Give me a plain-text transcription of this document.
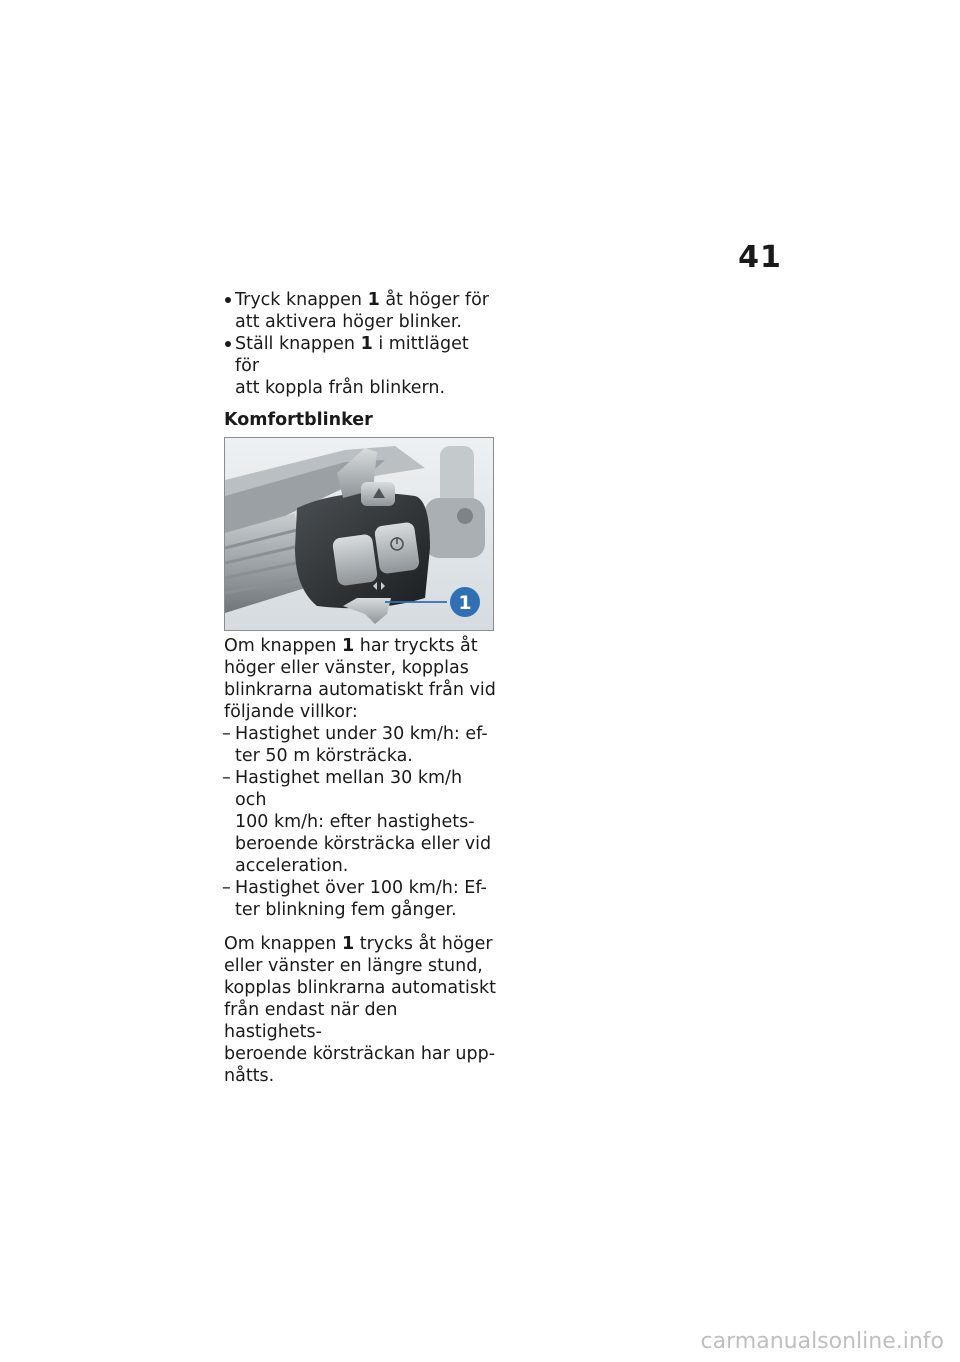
41
Tryck knappen 1 åt höger för
att aktivera höger blinker.
Ställ knappen 1 i mittläget för
att koppla från blinkern.
Komfortblinker
1
Om knappen 1 har tryckts åt
höger eller vänster, kopplas
blinkrarna automatiskt från vid
följande villkor:
– Hastighet under 30 km/h: ef-
ter 50 m körsträcka.
– Hastighet mellan 30 km/h och
100 km/h: efter hastighets-
beroende körsträcka eller vid
acceleration.
– Hastighet över 100 km/h: Ef-
ter blinkning fem gånger.
Om knappen 1 trycks åt höger
eller vänster en längre stund,
kopplas blinkrarna automatiskt
från endast när den hastighets-
beroende körsträckan har upp-
nåtts.
carmanualsonline.info
